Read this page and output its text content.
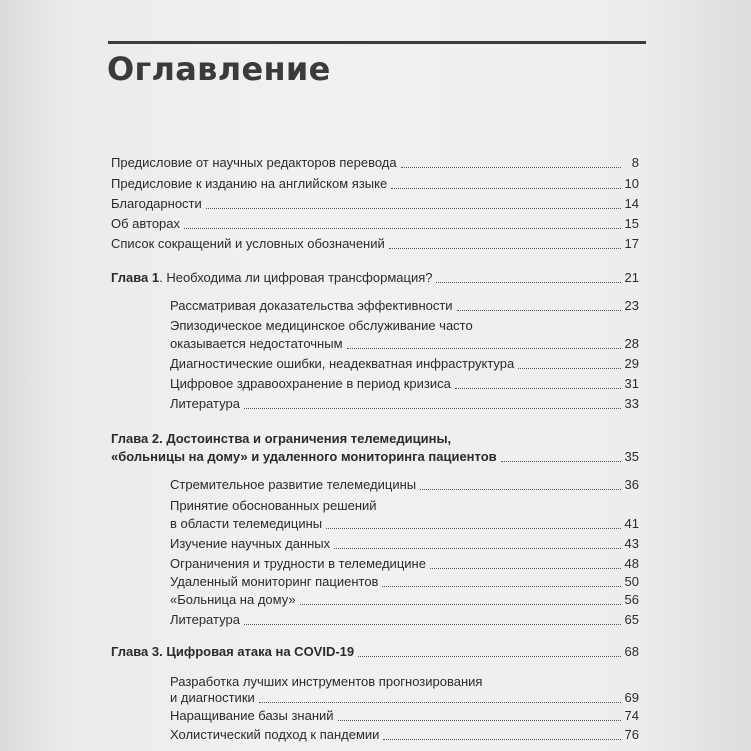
Оглавление
Предисловие от научных редакторов перевода	8
Предисловие к изданию на английском языке	10
Благодарности	14
Об авторах	15
Список сокращений и условных обозначений	17
Глава 1. Необходима ли цифровая трансформация?	21
Рассматривая доказательства эффективности	23
Эпизодическое медицинское обслуживание часто
оказывается недостаточным	28
Диагностические ошибки, неадекватная инфраструктура	29
Цифровое здравоохранение в период кризиса	31
Литература	33
Глава 2. Достоинства и ограничения телемедицины,
«больницы на дому» и удаленного мониторинга пациентов	35
Стремительное развитие телемедицины	36
Принятие обоснованных решений
в области телемедицины	41
Изучение научных данных	43
Ограничения и трудности в телемедицине	48
Удаленный мониторинг пациентов	50
«Больница на дому»	56
Литература	65
Глава 3. Цифровая атака на COVID-19	68
Разработка лучших инструментов прогнозирования
и диагностики	69
Наращивание базы знаний	74
Холистический подход к пандемии	76
